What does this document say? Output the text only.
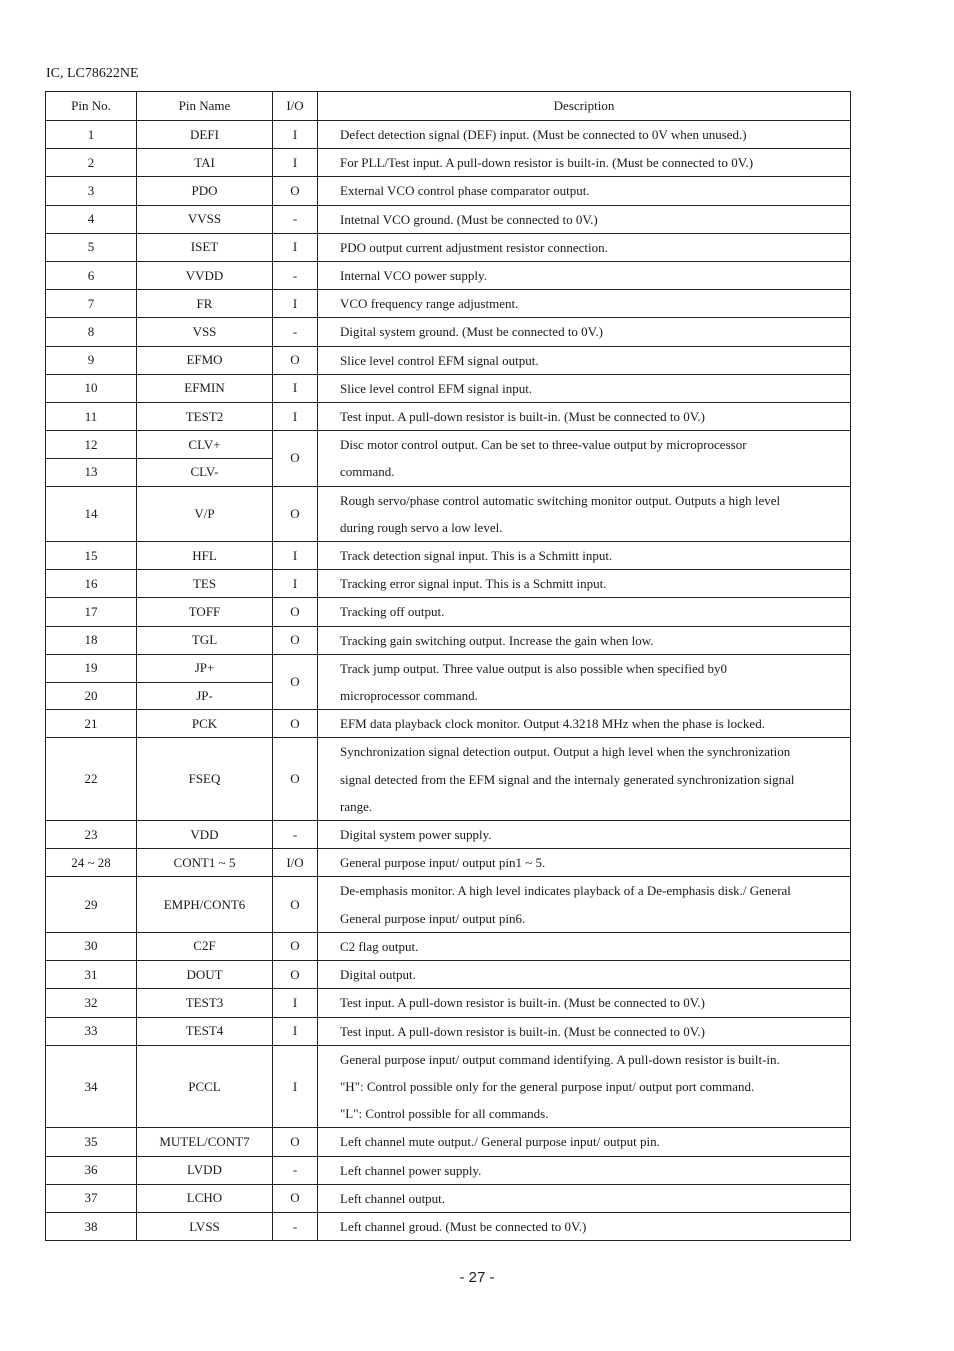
IC, LC78622NE
Pin No.	Pin Name	I/O	Description
1	DEFI	I	Defect detection signal (DEF) input. (Must be connected to 0V when unused.)

2	TAI	I	For PLL/Test input. A pull-down resistor is built-in. (Must be connected to 0V.)

3	PDO	O	External VCO control phase comparator output.

4	VVSS	-	Intetnal VCO ground. (Must be connected to 0V.)

5	ISET	I	PDO output current adjustment resistor connection.

6	VVDD	-	Internal VCO power supply.

7	FR	I	VCO frequency range adjustment.

8	VSS	-	Digital system ground. (Must be connected to 0V.)

9	EFMO	O	Slice level control EFM signal output.

10	EFMIN	I	Slice level control EFM signal input.

11	TEST2	I	Test input. A pull-down resistor is built-in. (Must be connected to 0V.)

12	CLV+	O	Disc motor control output. Can be set to three-value output by microprocessor
command.

13	CLV-		
14	V/P	O	Rough servo/phase control automatic switching monitor output. Outputs a high level
during rough servo a low level.

15	HFL	I	Track detection signal input. This is a Schmitt input.

16	TES	I	Tracking error signal input. This is a Schmitt input.

17	TOFF	O	Tracking off output.

18	TGL	O	Tracking gain switching output. Increase the gain when low.

19	JP+	O	Track jump output. Three value output is also possible when specified by0
microprocessor command.

20	JP-		
21	PCK	O	EFM data playback clock monitor. Output 4.3218 MHz when the phase is locked.

22	FSEQ	O	Synchronization signal detection output. Output a high level when the synchronization
signal detected from the EFM signal and the internaly generated synchronization signal
range.

23	VDD	-	Digital system power supply.

24 ~ 28	CONT1 ~ 5	I/O	General purpose input/ output pin1 ~ 5.

29	EMPH/CONT6	O	De-emphasis monitor. A high level indicates playback of a De-emphasis disk./ General
General purpose input/ output pin6.

30	C2F	O	C2 flag output.

31	DOUT	O	Digital output.

32	TEST3	I	Test input. A pull-down resistor is built-in. (Must be connected to 0V.)

33	TEST4	I	Test input. A pull-down resistor is built-in. (Must be connected to 0V.)

34	PCCL	I	General purpose input/ output command identifying. A pull-down resistor is built-in.
"H": Control possible only for the general purpose input/ output port command.
"L": Control possible for all commands.

35	MUTEL/CONT7	O	Left channel mute output./ General purpose input/ output pin.

36	LVDD	-	Left channel power supply.

37	LCHO	O	Left channel output.

38	LVSS	-	Left channel groud. (Must be connected to 0V.)
- 27 -
